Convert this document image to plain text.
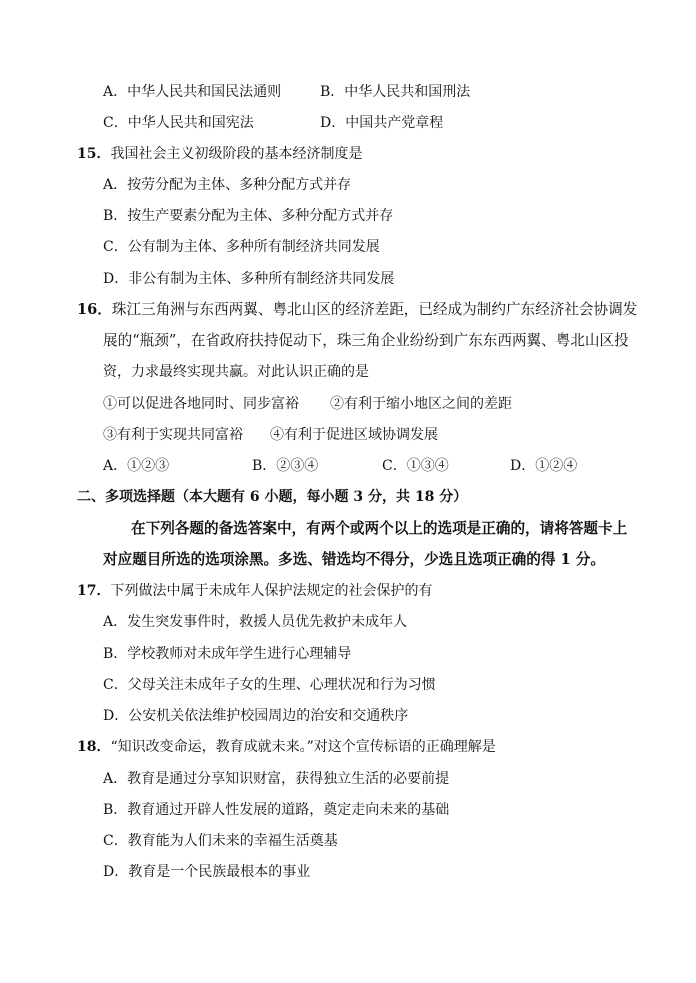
A．中华人民共和国民法通则	B．中华人民共和国刑法
C．中华人民共和国宪法	D．中国共产党章程
15．我国社会主义初级阶段的基本经济制度是
A．按劳分配为主体、多种分配方式并存
B．按生产要素分配为主体、多种分配方式并存
C．公有制为主体、多种所有制经济共同发展
D．非公有制为主体、多种所有制经济共同发展
16．珠江三角洲与东西两翼、粤北山区的经济差距，已经成为制约广东经济社会协调发
展的“瓶颈”，在省政府扶持促动下，珠三角企业纷纷到广东东西两翼、粤北山区投
资，力求最终实现共赢。对此认识正确的是
①可以促进各地同时、同步富裕 ②有利于缩小地区之间的差距
③有利于实现共同富裕 ④有利于促进区域协调发展
A．①②③	B．②③④	C．①③④	D．①②④
二、多项选择题（本大题有 6 小题，每小题 3 分，共 18 分）
在下列各题的备选答案中，有两个或两个以上的选项是正确的，请将答题卡上
对应题目所选的选项涂黑。多选、错选均不得分，少选且选项正确的得 1 分。
17．下列做法中属于未成年人保护法规定的社会保护的有
A．发生突发事件时，救援人员优先救护未成年人
B．学校教师对未成年学生进行心理辅导
C．父母关注未成年子女的生理、心理状况和行为习惯
D．公安机关依法维护校园周边的治安和交通秩序
18．“知识改变命运，教育成就未来。”对这个宣传标语的正确理解是
A．教育是通过分享知识财富，获得独立生活的必要前提
B．教育通过开辟人性发展的道路，奠定走向未来的基础
C．教育能为人们未来的幸福生活奠基
D．教育是一个民族最根本的事业
